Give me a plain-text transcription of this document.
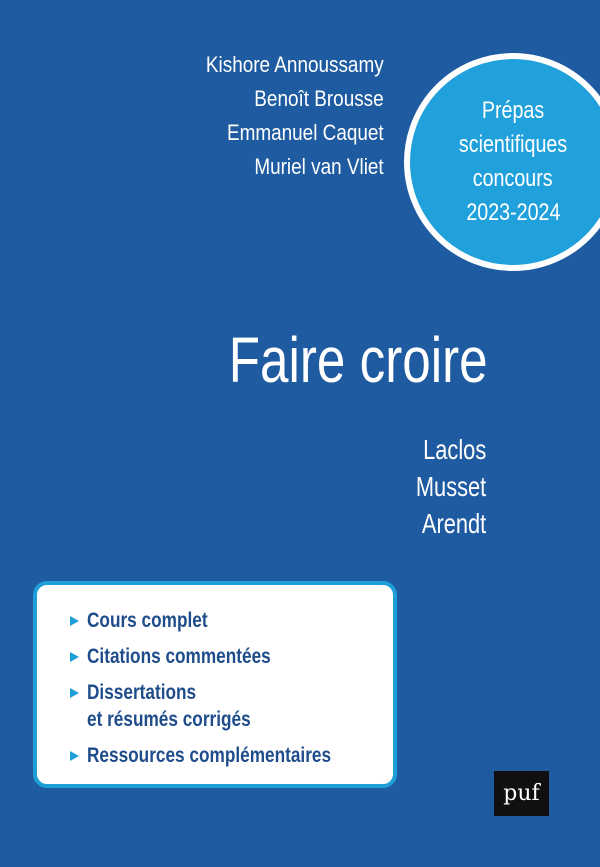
Kishore Annoussamy
Benoît Brousse
Emmanuel Caquet
Muriel van Vliet
Prépas
scientifiques
concours
2023-2024
Faire croire
Laclos
Musset
Arendt
Cours complet
Citations commentées
Dissertations
et résumés corrigés
Ressources complémentaires
puf
